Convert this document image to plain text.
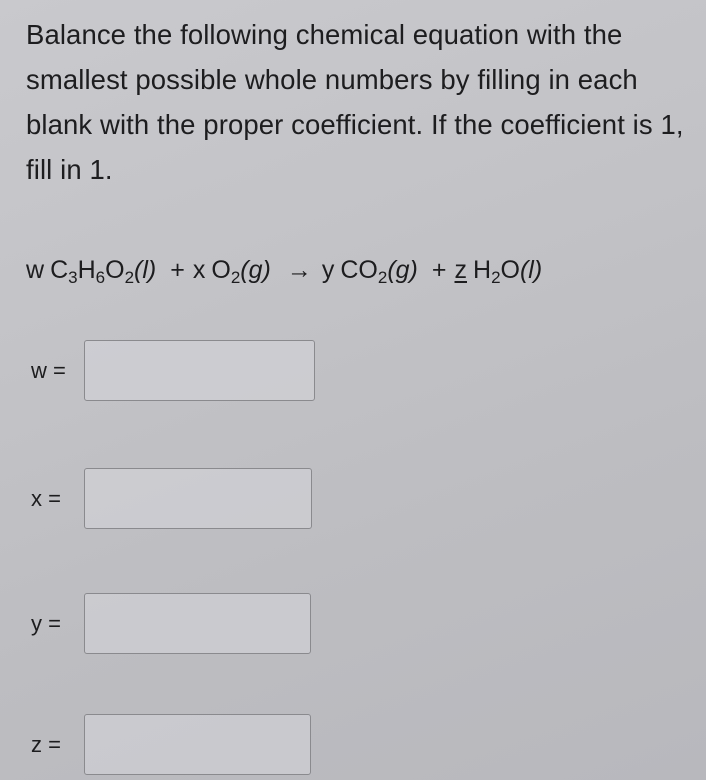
Balance the following chemical equation with the
smallest possible whole numbers by filling in each
blank with the proper coefficient. If the coefficient is 1,
fill in 1.
w $C_3H_6O_2(l) + x$ $O_2(g) \to y$ $CO_2(g) + z$ $H_2O(l)$
w =
x =
y =
z =
